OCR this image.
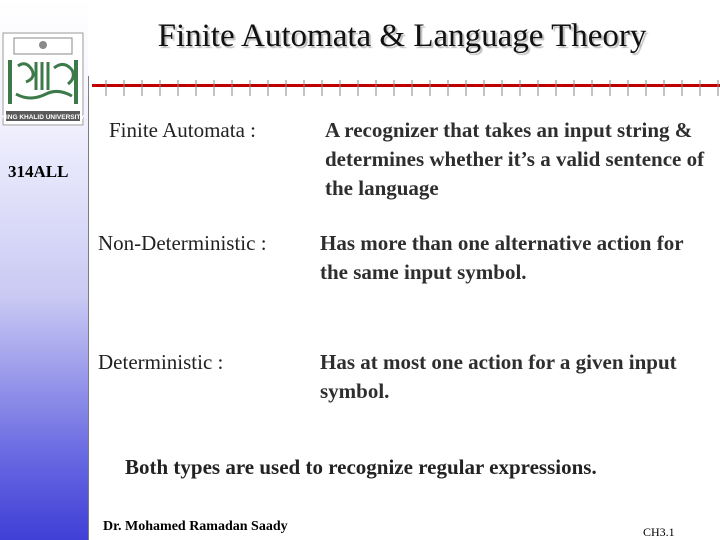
KING KHALID UNIVERSITY
Finite Automata & Language Theory
314ALL
Finite Automata :	A recognizer that takes an input string & determines whether it’s a valid sentence of the language
Non-Deterministic :	Has more than one alternative action for the same input symbol.
Deterministic :	Has at most one action for a given input symbol.
Both types are used to recognize regular expressions.
Dr. Mohamed Ramadan Saady	CH3.1
